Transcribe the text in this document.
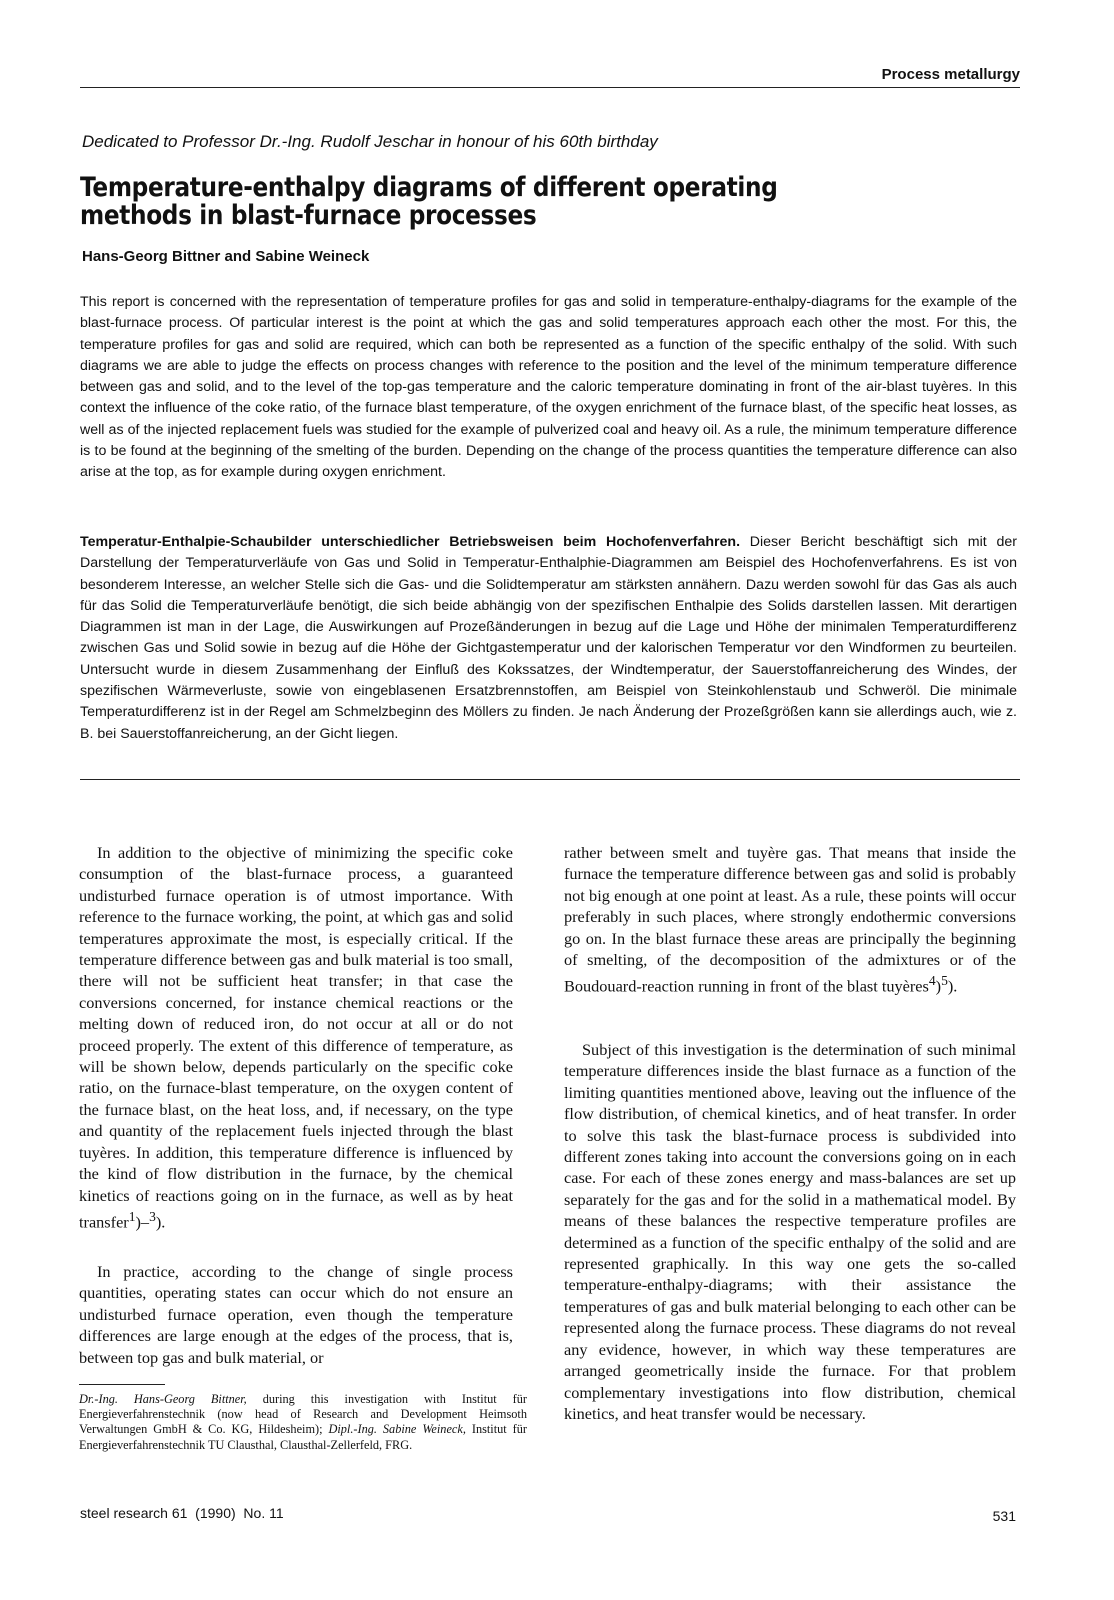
Process metallurgy
Dedicated to Professor Dr.-Ing. Rudolf Jeschar in honour of his 60th birthday
Temperature-enthalpy diagrams of different operating methods in blast-furnace processes
Hans-Georg Bittner and Sabine Weineck

This report is concerned with the representation of temperature profiles for gas and solid in temperature-enthalpy-diagrams for the example of the blast-furnace process. Of particular interest is the point at which the gas and solid temperatures approach each other the most. For this, the temperature profiles for gas and solid are required, which can both be represented as a function of the specific enthalpy of the solid. With such diagrams we are able to judge the effects on process changes with reference to the position and the level of the minimum temperature difference between gas and solid, and to the level of the top-gas temperature and the caloric temperature dominating in front of the air-blast tuyères. In this context the influence of the coke ratio, of the furnace blast temperature, of the oxygen enrichment of the furnace blast, of the specific heat losses, as well as of the injected replacement fuels was studied for the example of pulverized coal and heavy oil. As a rule, the minimum temperature difference is to be found at the beginning of the smelting of the burden. Depending on the change of the process quantities the temperature difference can also arise at the top, as for example during oxygen enrichment.

Temperatur-Enthalpie-Schaubilder unterschiedlicher Betriebsweisen beim Hochofenverfahren. Dieser Bericht beschäftigt sich mit der Darstellung der Temperaturverläufe von Gas und Solid in Temperatur-Enthalphie-Diagrammen am Beispiel des Hochofenverfahrens. Es ist von besonderem Interesse, an welcher Stelle sich die Gas- und die Solidtemperatur am stärksten annähern. Dazu werden sowohl für das Gas als auch für das Solid die Temperaturverläufe benötigt, die sich beide abhängig von der spezifischen Enthalpie des Solids darstellen lassen. Mit derartigen Diagrammen ist man in der Lage, die Auswirkungen auf Prozeßänderungen in bezug auf die Lage und Höhe der minimalen Temperaturdifferenz zwischen Gas und Solid sowie in bezug auf die Höhe der Gichtgastemperatur und der kalorischen Temperatur vor den Windformen zu beurteilen. Untersucht wurde in diesem Zusammenhang der Einfluß des Kokssatzes, der Windtemperatur, der Sauerstoffanreicherung des Windes, der spezifischen Wärmeverluste, sowie von eingeblasenen Ersatzbrennstoffen, am Beispiel von Steinkohlenstaub und Schweröl. Die minimale Temperaturdifferenz ist in der Regel am Schmelzbeginn des Möllers zu finden. Je nach Änderung der Prozeßgrößen kann sie allerdings auch, wie z. B. bei Sauerstoffanreicherung, an der Gicht liegen.

In addition to the objective of minimizing the specific coke consumption of the blast-furnace process, a guaranteed undisturbed furnace operation is of utmost importance. With reference to the furnace working, the point, at which gas and solid temperatures approximate the most, is especially critical. If the temperature difference between gas and bulk material is too small, there will not be sufficient heat transfer; in that case the conversions concerned, for instance chemical reactions or the melting down of reduced iron, do not occur at all or do not proceed properly. The extent of this difference of temperature, as will be shown below, depends particularly on the specific coke ratio, on the furnace-blast temperature, on the oxygen content of the furnace blast, on the heat loss, and, if necessary, on the type and quantity of the replacement fuels injected through the blast tuyères. In addition, this temperature difference is influenced by the kind of flow distribution in the furnace, by the chemical kinetics of reactions going on in the furnace, as well as by heat transfer$^1$)–$^3$).

In practice, according to the change of single process quantities, operating states can occur which do not ensure an undisturbed furnace operation, even though the temperature differences are large enough at the edges of the process, that is, between top gas and bulk material, or

rather between smelt and tuyère gas. That means that inside the furnace the temperature difference between gas and solid is probably not big enough at one point at least. As a rule, these points will occur preferably in such places, where strongly endothermic conversions go on. In the blast furnace these areas are principally the beginning of smelting, of the decomposition of the admixtures or of the Boudouard-reaction running in front of the blast tuyères$^4$)$^5$).

Subject of this investigation is the determination of such minimal temperature differences inside the blast furnace as a function of the limiting quantities mentioned above, leaving out the influence of the flow distribution, of chemical kinetics, and of heat transfer. In order to solve this task the blast-furnace process is subdivided into different zones taking into account the conversions going on in each case. For each of these zones energy and mass-balances are set up separately for the gas and for the solid in a mathematical model. By means of these balances the respective temperature profiles are determined as a function of the specific enthalpy of the solid and are represented graphically. In this way one gets the so-called temperature-enthalpy-diagrams; with their assistance the temperatures of gas and bulk material belonging to each other can be represented along the furnace process. These diagrams do not reveal any evidence, however, in which way these temperatures are arranged geometrically inside the furnace. For that problem complementary investigations into flow distribution, chemical kinetics, and heat transfer would be necessary.

Dr.-Ing. Hans-Georg Bittner, during this investigation with Institut für Energieverfahrenstechnik (now head of Research and Development Heimsoth Verwaltungen GmbH & Co. KG, Hildesheim); Dipl.-Ing. Sabine Weineck, Institut für Energieverfahrenstechnik TU Clausthal, Clausthal-Zellerfeld, FRG.

steel research 61  (1990)  No. 11	531
